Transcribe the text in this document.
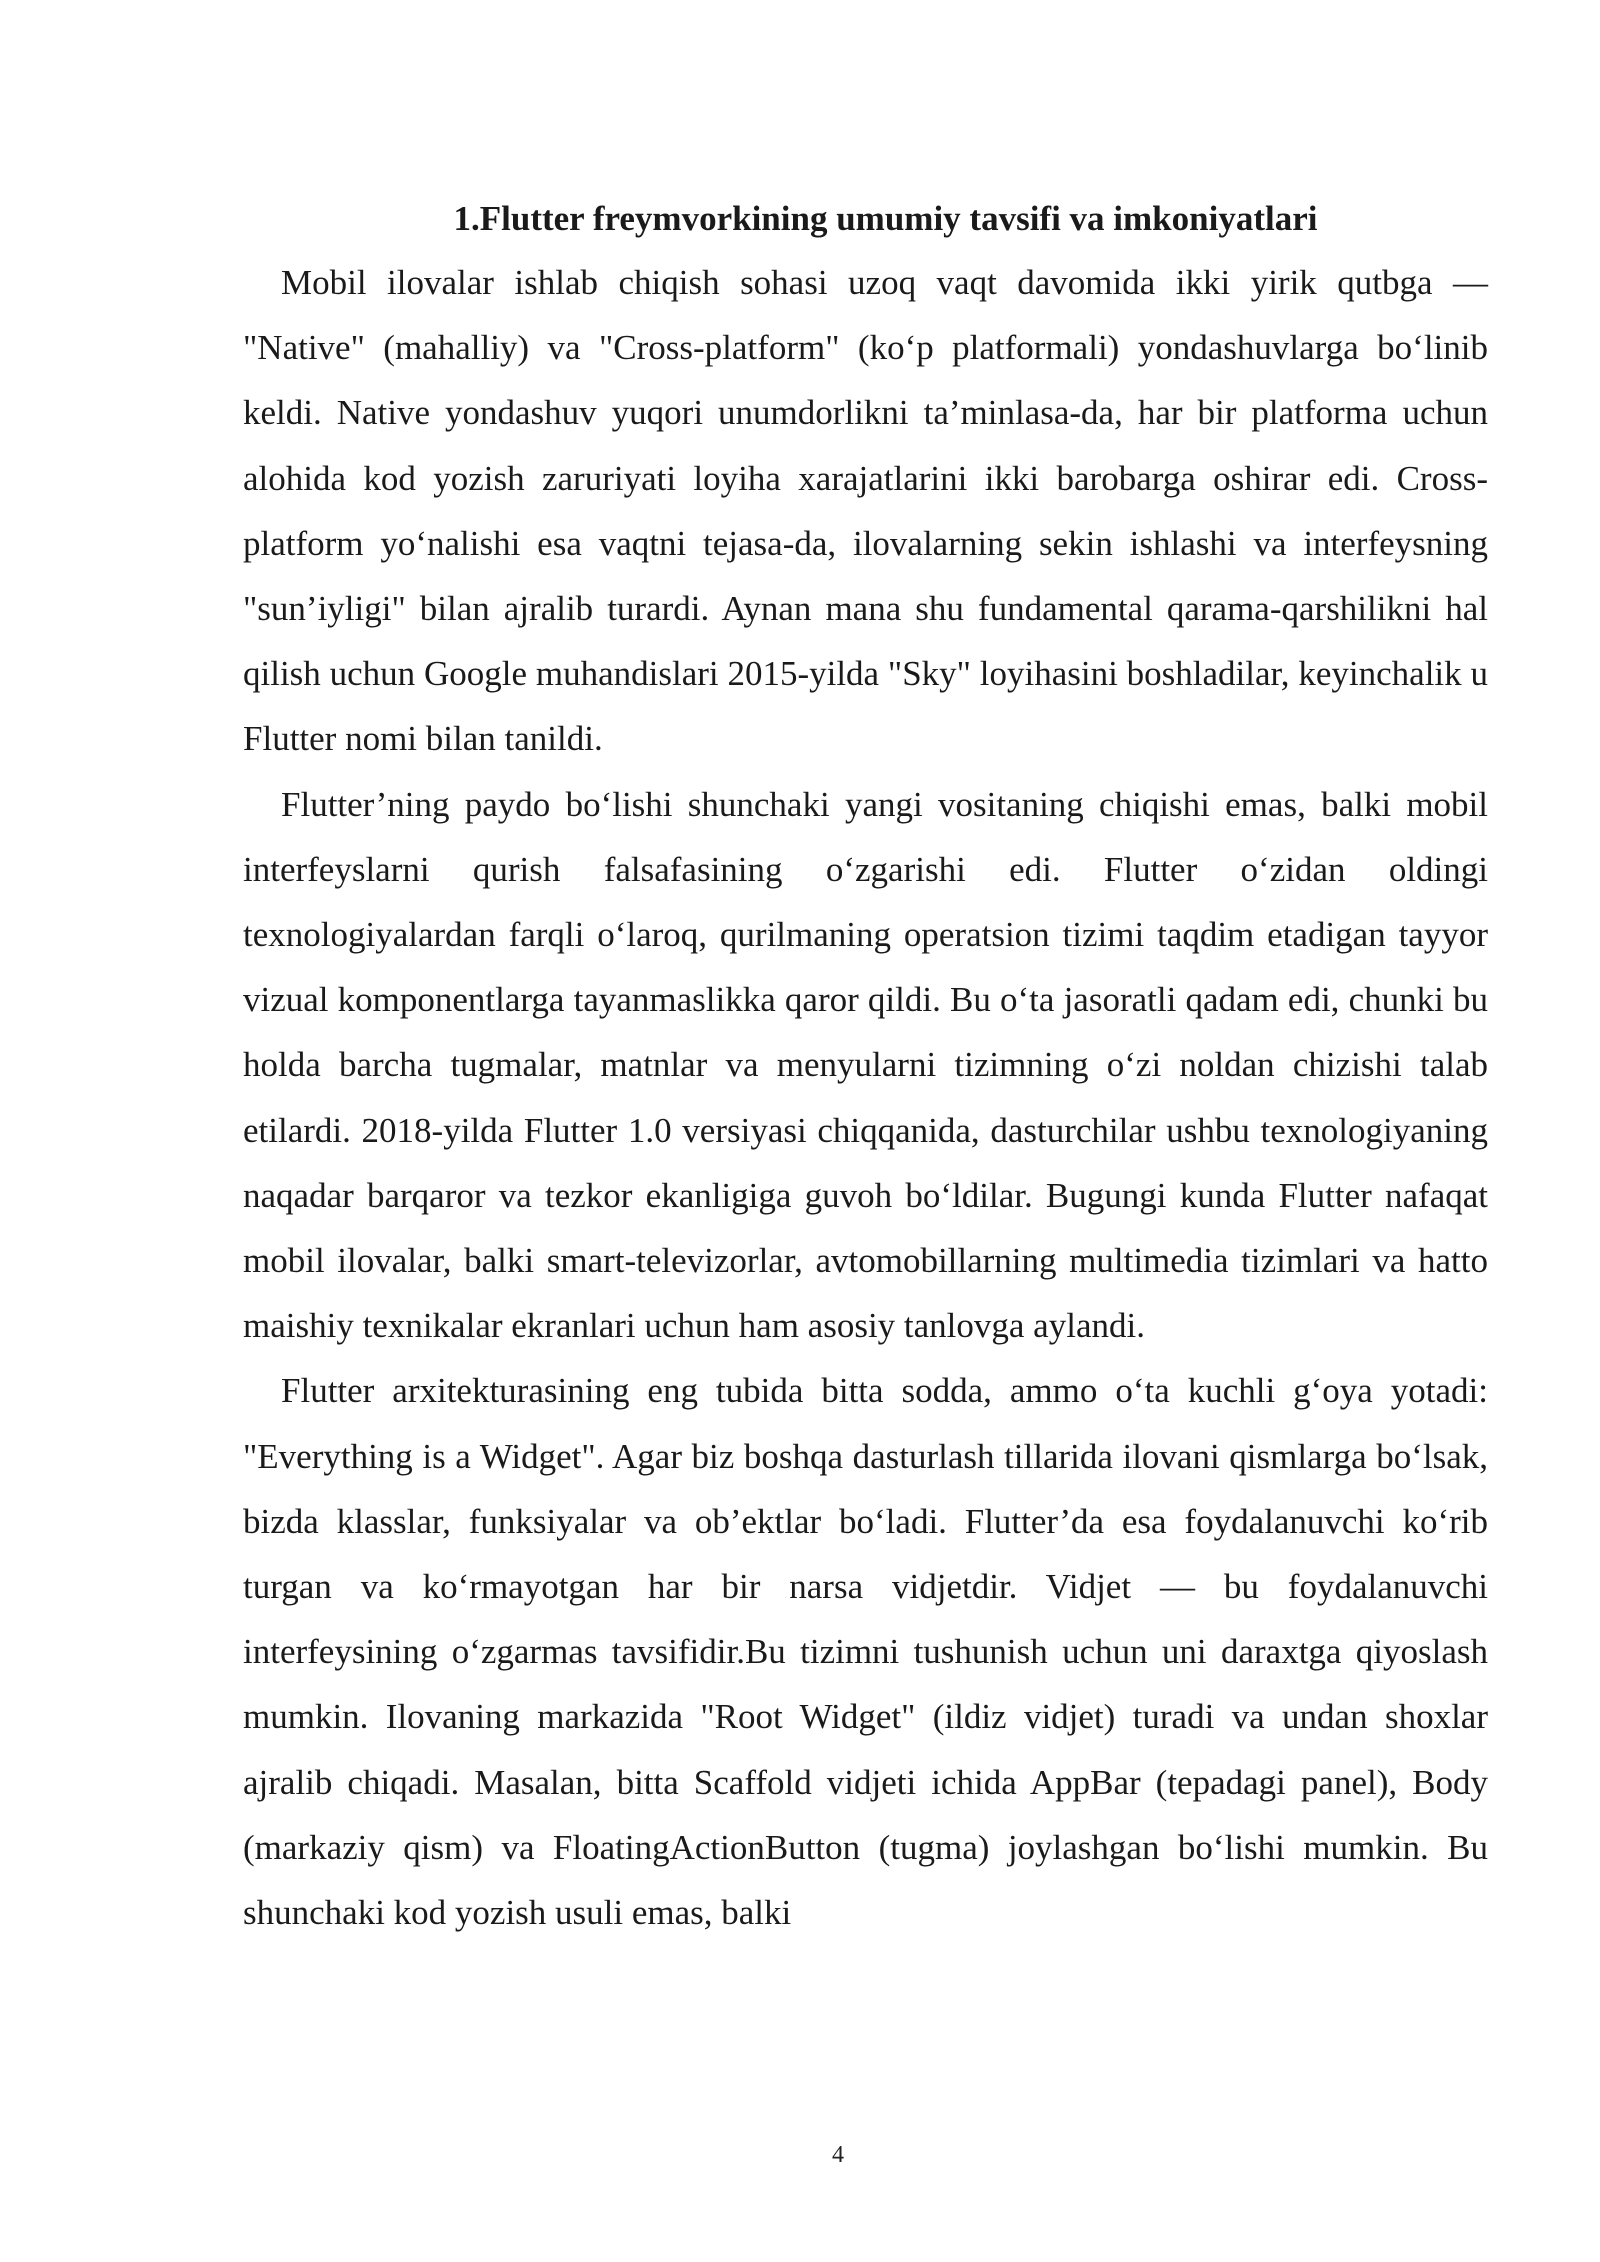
1.Flutter freymvorkining umumiy tavsifi va imkoniyatlari

Mobil ilovalar ishlab chiqish sohasi uzoq vaqt davomida ikki yirik qutbga — "Native" (mahalliy) va "Cross-platform" (ko‘p platformali) yondashuvlarga bo‘linib keldi. Native yondashuv yuqori unumdorlikni ta’minlasa-da, har bir platforma uchun alohida kod yozish zaruriyati loyiha xarajatlarini ikki barobarga oshirar edi. Cross-platform yo‘nalishi esa vaqtni tejasa-da, ilovalarning sekin ishlashi va interfeysning "sun’iyligi" bilan ajralib turardi. Aynan mana shu fundamental qarama-qarshilikni hal qilish uchun Google muhandislari 2015-yilda "Sky" loyihasini boshladilar, keyinchalik u Flutter nomi bilan tanildi.

Flutter’ning paydo bo‘lishi shunchaki yangi vositaning chiqishi emas, balki mobil interfeyslarni qurish falsafasining o‘zgarishi edi. Flutter o‘zidan oldingi texnologiyalardan farqli o‘laroq, qurilmaning operatsion tizimi taqdim etadigan tayyor vizual komponentlarga tayanmaslikka qaror qildi. Bu o‘ta jasoratli qadam edi, chunki bu holda barcha tugmalar, matnlar va menyularni tizimning o‘zi noldan chizishi talab etilardi. 2018-yilda Flutter 1.0 versiyasi chiqqanida, dasturchilar ushbu texnologiyaning naqadar barqaror va tezkor ekanligiga guvoh bo‘ldilar. Bugungi kunda Flutter nafaqat mobil ilovalar, balki smart-televizorlar, avtomobillarning multimedia tizimlari va hatto maishiy texnikalar ekranlari uchun ham asosiy tanlovga aylandi.

Flutter arxitekturasining eng tubida bitta sodda, ammo o‘ta kuchli g‘oya yotadi: "Everything is a Widget". Agar biz boshqa dasturlash tillarida ilovani qismlarga bo‘lsak, bizda klasslar, funksiyalar va ob’ektlar bo‘ladi. Flutter’da esa foydalanuvchi ko‘rib turgan va ko‘rmayotgan har bir narsa vidjetdir. Vidjet — bu foydalanuvchi interfeysining o‘zgarmas tavsifidir.Bu tizimni tushunish uchun uni daraxtga qiyoslash mumkin. Ilovaning markazida "Root Widget" (ildiz vidjet) turadi va undan shoxlar ajralib chiqadi. Masalan, bitta Scaffold vidjeti ichida AppBar (tepadagi panel), Body (markaziy qism) va FloatingActionButton (tugma) joylashgan bo‘lishi mumkin. Bu shunchaki kod yozish usuli emas, balki

4
